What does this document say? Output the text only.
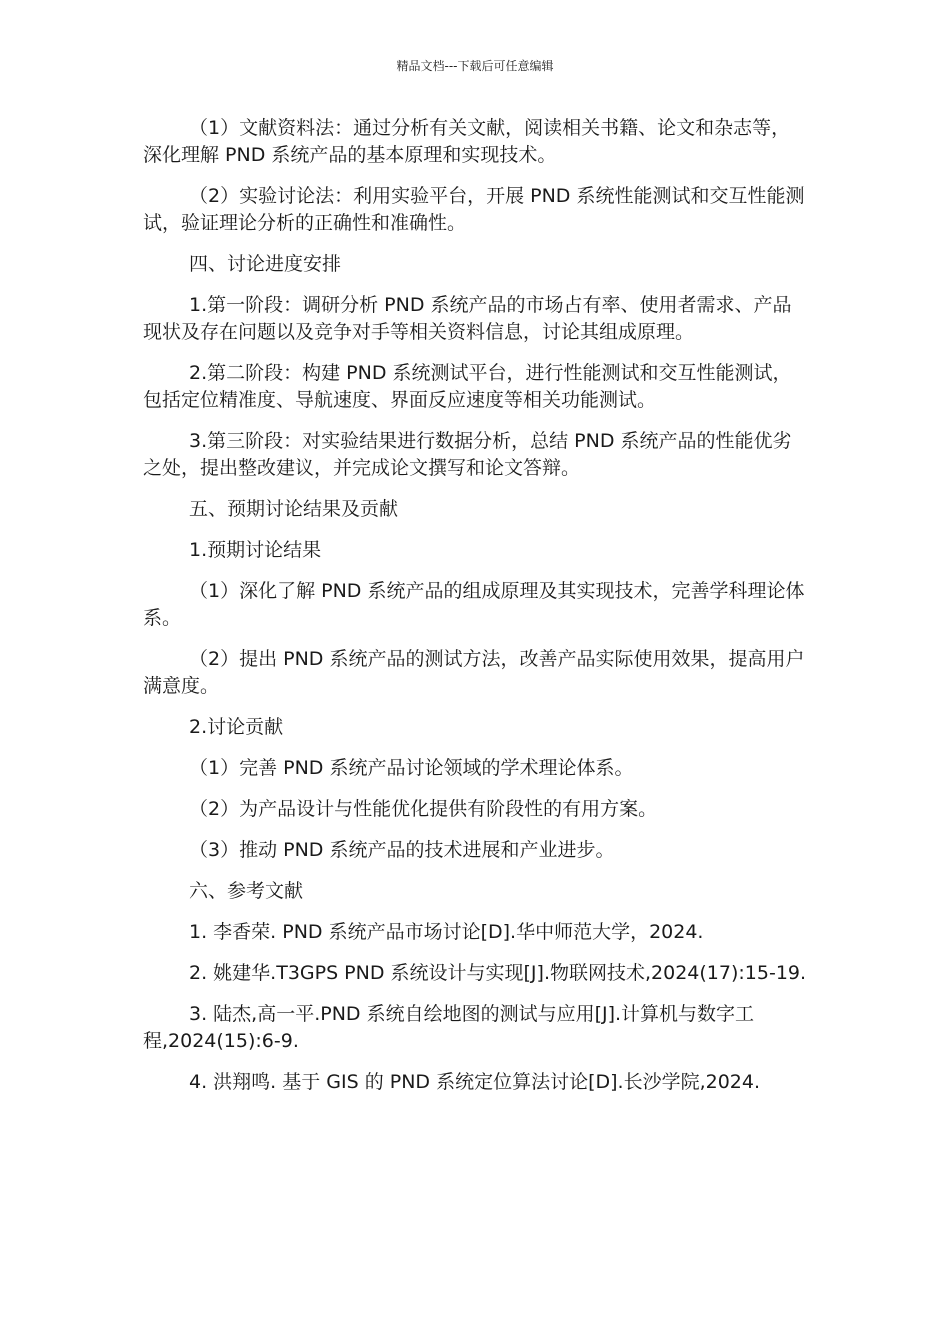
精品文档---下载后可任意编辑

（1）文献资料法：通过分析有关文献，阅读相关书籍、论文和杂志等，深化理解 PND 系统产品的基本原理和实现技术。

（2）实验讨论法：利用实验平台，开展 PND 系统性能测试和交互性能测试，验证理论分析的正确性和准确性。

四、讨论进度安排

1.第一阶段：调研分析 PND 系统产品的市场占有率、使用者需求、产品现状及存在问题以及竞争对手等相关资料信息，讨论其组成原理。

2.第二阶段：构建 PND 系统测试平台，进行性能测试和交互性能测试，包括定位精准度、导航速度、界面反应速度等相关功能测试。

3.第三阶段：对实验结果进行数据分析，总结 PND 系统产品的性能优劣之处，提出整改建议，并完成论文撰写和论文答辩。

五、预期讨论结果及贡献

1.预期讨论结果

（1）深化了解 PND 系统产品的组成原理及其实现技术，完善学科理论体系。

（2）提出 PND 系统产品的测试方法，改善产品实际使用效果，提高用户满意度。

2.讨论贡献

（1）完善 PND 系统产品讨论领域的学术理论体系。

（2）为产品设计与性能优化提供有阶段性的有用方案。

（3）推动 PND 系统产品的技术进展和产业进步。

六、参考文献

1. 李香荣. PND 系统产品市场讨论[D].华中师范大学，2024.

2. 姚建华.T3GPS PND 系统设计与实现[J].物联网技术,2024(17):15-19.

3. 陆杰,高一平.PND 系统自绘地图的测试与应用[J].计算机与数字工程,2024(15):6-9.

4. 洪翔鸣. 基于 GIS 的 PND 系统定位算法讨论[D].长沙学院,2024.
